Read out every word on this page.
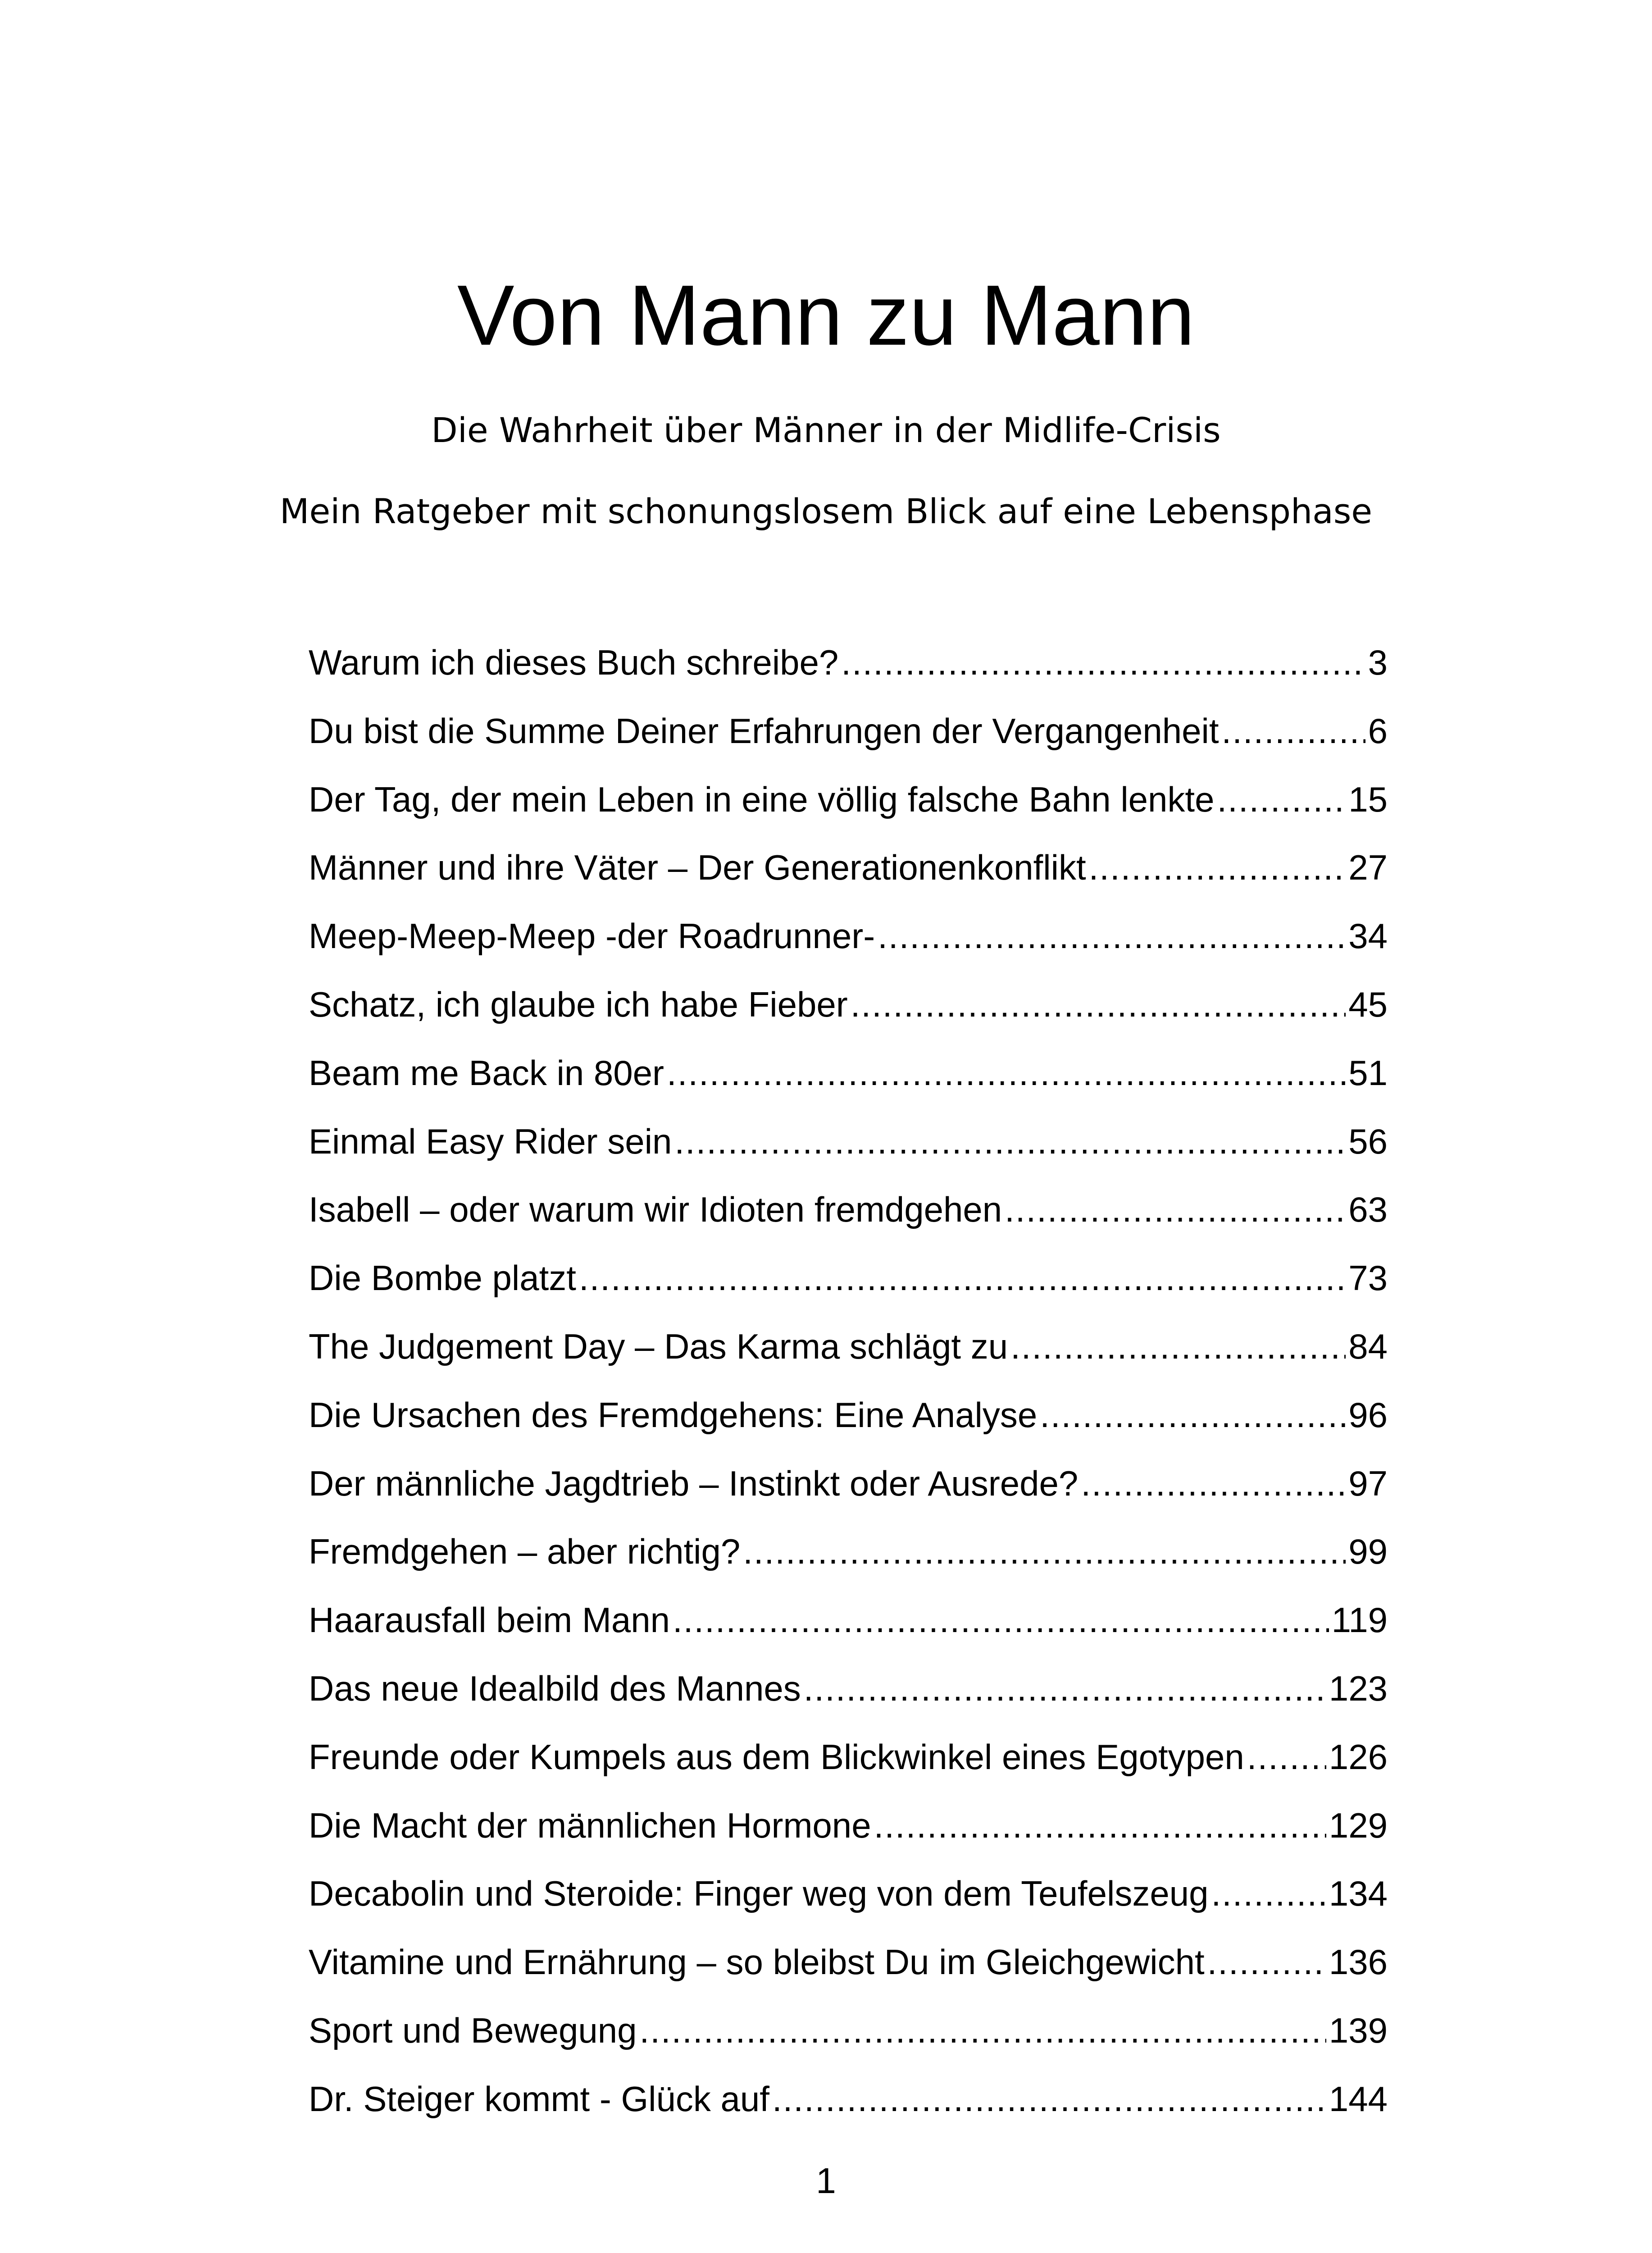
Von Mann zu Mann

Die Wahrheit über Männer in der Midlife-Crisis

Mein Ratgeber mit schonungslosem Blick auf eine Lebensphase

Warum ich dieses Buch schreibe? .....	3
Du bist die Summe Deiner Erfahrungen der Vergangenheit .....	6
Der Tag, der mein Leben in eine völlig falsche Bahn lenkte .....	15
Männer und ihre Väter – Der Generationenkonflikt .....	27
Meep-Meep-Meep -der Roadrunner- .....	34
Schatz, ich glaube ich habe Fieber .....	45
Beam me Back in 80er .....	51
Einmal Easy Rider sein .....	56
Isabell – oder warum wir Idioten fremdgehen .....	63
Die Bombe platzt .....	73
The Judgement Day – Das Karma schlägt zu .....	84
Die Ursachen des Fremdgehens: Eine Analyse .....	96
Der männliche Jagdtrieb – Instinkt oder Ausrede? .....	97
Fremdgehen – aber richtig? .....	99
Haarausfall beim Mann .....	119
Das neue Idealbild des Mannes .....	123
Freunde oder Kumpels aus dem Blickwinkel eines Egotypen ..... 126
Die Macht der männlichen Hormone .....	129
Decabolin und Steroide: Finger weg von dem Teufelszeug .....	134
Vitamine und Ernährung – so bleibst Du im Gleichgewicht .....	136
Sport und Bewegung .....	139
Dr. Steiger kommt - Glück auf .....	144

1
